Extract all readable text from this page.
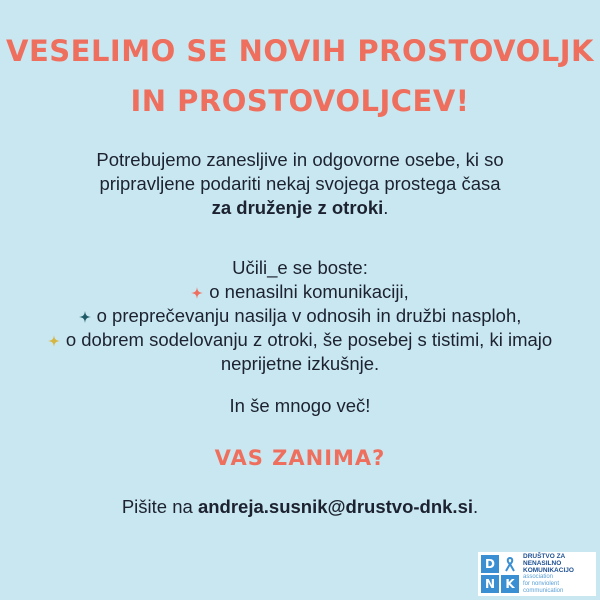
VESELIMO SE NOVIH PROSTOVOLJK
IN PROSTOVOLJCEV!
Potrebujemo zanesljive in odgovorne osebe, ki so
pripravljene podariti nekaj svojega prostega časa
za druženje z otroki.
Učili_e se boste:
o nenasilni komunikaciji,
o preprečevanju nasilja v odnosih in družbi nasploh,
o dobrem sodelovanju z otroki, še posebej s tistimi, ki imajo
neprijetne izkušnje.
In še mnogo več!
VAS ZANIMA?
Pišite na andreja.susnik@drustvo-dnk.si.
D
N K
DRUŠTVO ZA
NENASILNO
KOMUNIKACIJO
association
for nonviolent
communication
